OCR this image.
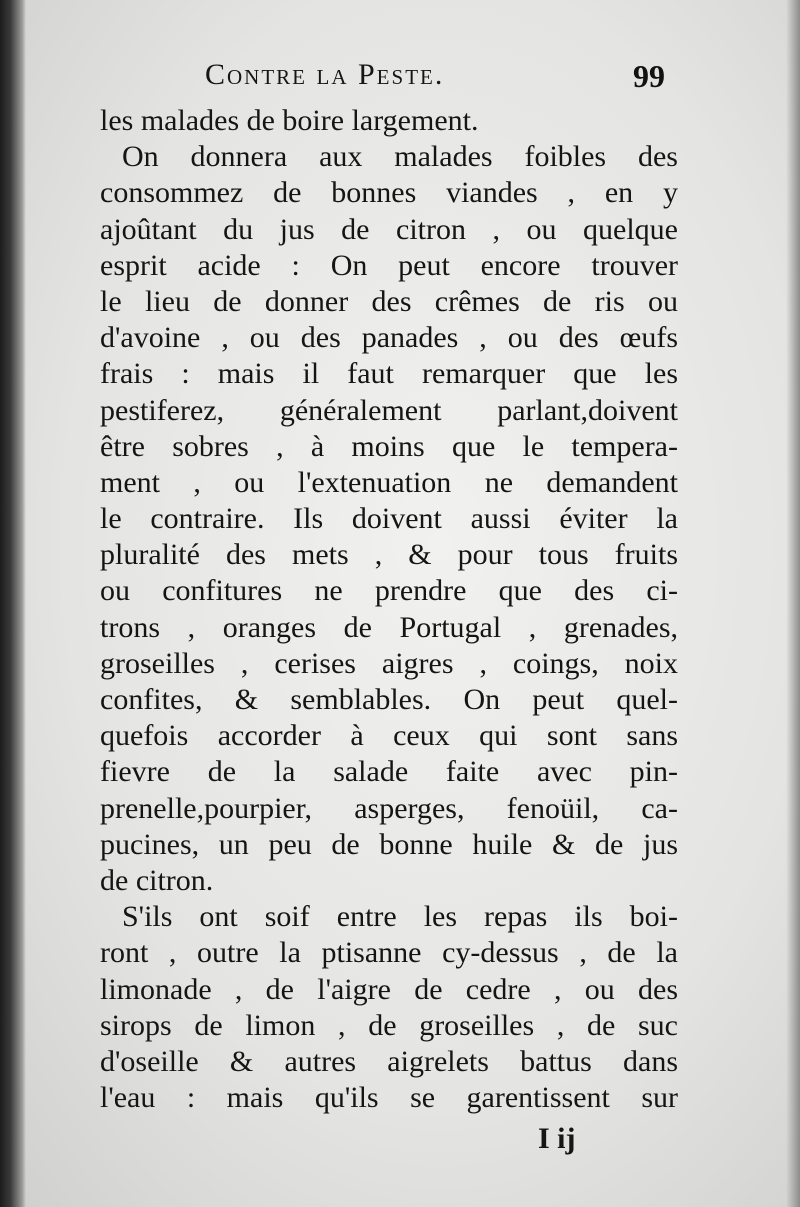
Contre la Peste.	99
les malades de boire largement.
On donnera aux malades foibles des
consommez de bonnes viandes , en y
ajoûtant du jus de citron , ou quelque
esprit acide : On peut encore trouver
le lieu de donner des crêmes de ris ou
d'avoine , ou des panades , ou des œufs
frais : mais il faut remarquer que les
pestiferez, généralement parlant,doivent
être sobres , à moins que le tempera-
ment , ou l'extenuation ne demandent
le contraire. Ils doivent aussi éviter la
pluralité des mets , & pour tous fruits
ou confitures ne prendre que des ci-
trons , oranges de Portugal , grenades,
groseilles , cerises aigres , coings, noix
confites, & semblables. On peut quel-
quefois accorder à ceux qui sont sans
fievre de la salade faite avec pin-
prenelle,pourpier, asperges, fenoüil, ca-
pucines, un peu de bonne huile & de jus
de citron.
S'ils ont soif entre les repas ils boi-
ront , outre la ptisanne cy-dessus , de la
limonade , de l'aigre de cedre , ou des
sirops de limon , de groseilles , de suc
d'oseille & autres aigrelets battus dans
l'eau : mais qu'ils se garentissent sur
I ij
